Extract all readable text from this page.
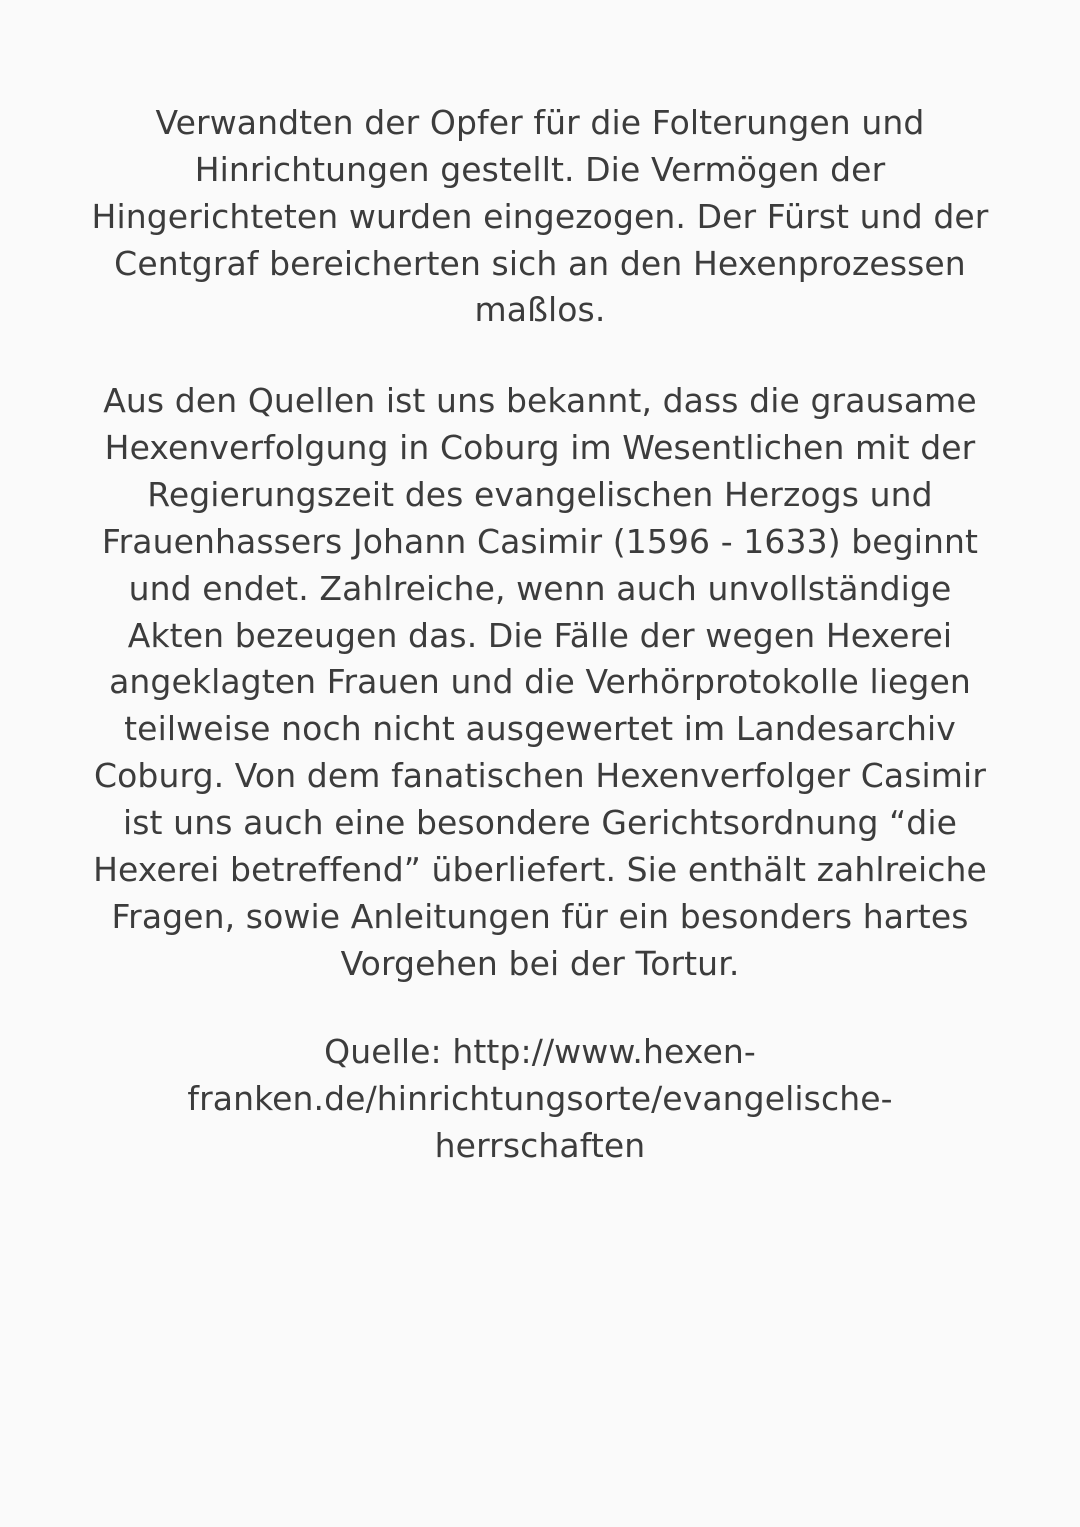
Verwandten der Opfer für die Folterungen und Hinrichtungen gestellt. Die Vermögen der Hingerichteten wurden eingezogen. Der Fürst und der Centgraf bereicherten sich an den Hexenprozessen maßlos.

Aus den Quellen ist uns bekannt, dass die grausame Hexenverfolgung in Coburg im Wesentlichen mit der Regierungszeit des evangelischen Herzogs und Frauenhassers Johann Casimir (1596 - 1633) beginnt und endet. Zahlreiche, wenn auch unvollständige Akten bezeugen das. Die Fälle der wegen Hexerei angeklagten Frauen und die Verhörprotokolle liegen teilweise noch nicht ausgewertet im Landesarchiv Coburg. Von dem fanatischen Hexenverfolger Casimir ist uns auch eine besondere Gerichtsordnung “die Hexerei betreffend” überliefert. Sie enthält zahlreiche Fragen, sowie Anleitungen für ein besonders hartes Vorgehen bei der Tortur.

Quelle: http://www.hexen-franken.de/hinrichtungsorte/evangelische-herrschaften
